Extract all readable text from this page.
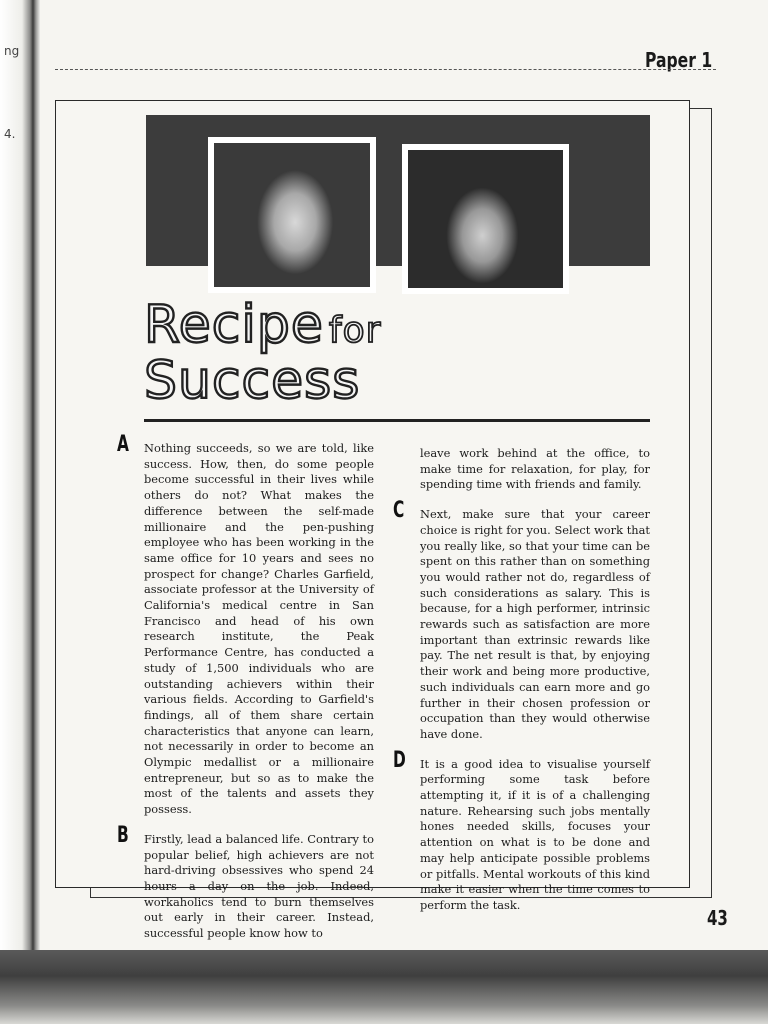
ng
4.
Paper 1
Recipe for
Success
A Nothing succeeds, so we are told, like success. How, then, do some people become successful in their lives while others do not? What makes the difference between the self-made millionaire and the pen-pushing employee who has been working in the same office for 10 years and sees no prospect for change? Charles Garfield, associate professor at the University of California's medical centre in San Francisco and head of his own research institute, the Peak Performance Centre, has conducted a study of 1,500 individuals who are outstanding achievers within their various fields. According to Garfield's findings, all of them share certain characteristics that anyone can learn, not necessarily in order to become an Olympic medallist or a millionaire entrepreneur, but so as to make the most of the talents and assets they possess.

B Firstly, lead a balanced life. Contrary to popular belief, high achievers are not hard-driving obsessives who spend 24 hours a day on the job. Indeed, workaholics tend to burn themselves out early in their career. Instead, successful people know how to

leave work behind at the office, to make time for relaxation, for play, for spending time with friends and family.

C Next, make sure that your career choice is right for you. Select work that you really like, so that your time can be spent on this rather than on something you would rather not do, regardless of such considerations as salary. This is because, for a high performer, intrinsic rewards such as satisfaction are more important than extrinsic rewards like pay. The net result is that, by enjoying their work and being more productive, such individuals can earn more and go further in their chosen profession or occupation than they would otherwise have done.

D It is a good idea to visualise yourself performing some task before attempting it, if it is of a challenging nature. Rehearsing such jobs mentally hones needed skills, focuses your attention on what is to be done and may help anticipate possible problems or pitfalls. Mental workouts of this kind make it easier when the time comes to perform the task.

43
